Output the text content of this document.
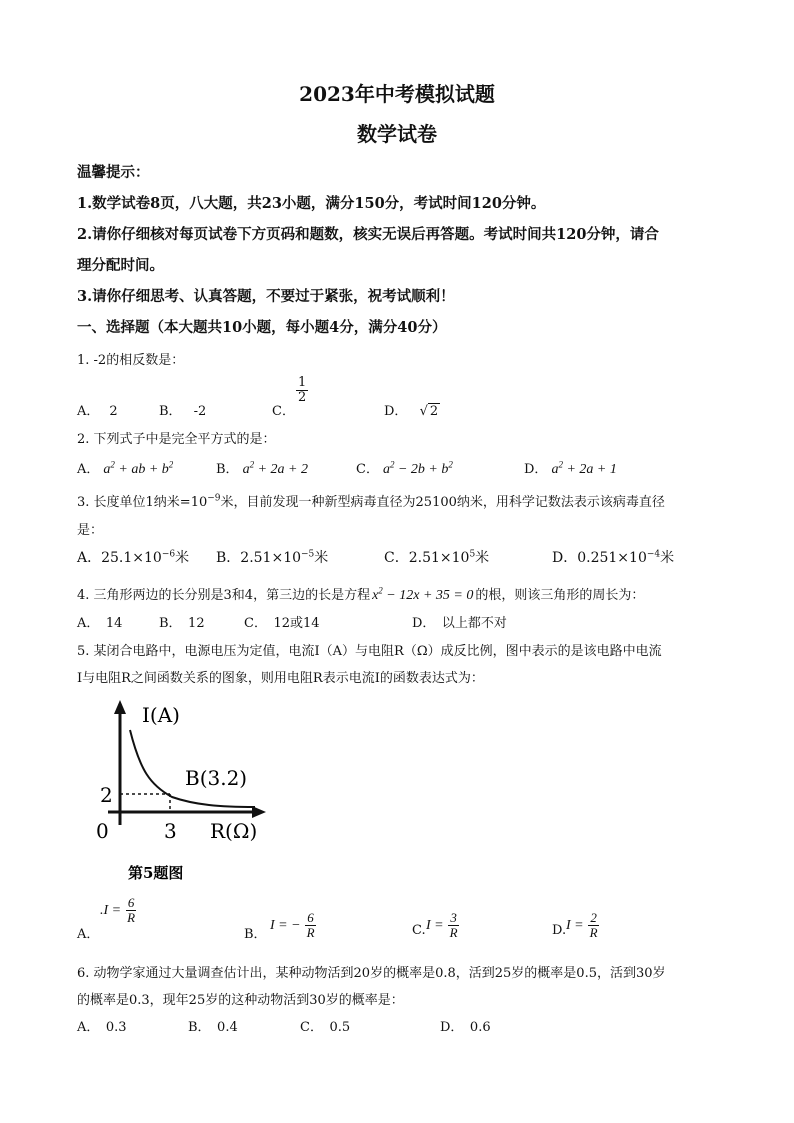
2023年中考模拟试题
数学试卷
温馨提示：
1.数学试卷8页，八大题，共23小题，满分150分，考试时间120分钟。
2.请你仔细核对每页试卷下方页码和题数，核实无误后再答题。考试时间共120分钟，请合
理分配时间。
3.请你仔细思考、认真答题，不要过于紧张，祝考试顺利！
一、选择题（本大题共10小题，每小题4分，满分40分）
1. -2的相反数是：
A． 2	B． -2	C．
$\frac{1}{2}$
D． √ 2
2. 下列式子中是完全平方式的是：
A． $a^2$ + ab + $b^2$	B． $a^2 + 2a + 2$	C． $a^2 - 2b + b^2$	D． $a^2 + 2a + 1$
3. 长度单位1纳米$=10^{-9}$米，目前发现一种新型病毒直径为25100纳米，用科学记数法表示该病毒直径
是：
A．$25.1\times 10^{-6}$米 B．$2.51\times 10^{-5}$米	C．$2.51\times 10^5$米	D．$0.251\times 10^{-4}$米
4. 三角形两边的长分别是3和4，第三边的长是方程 $x^2 - 12x + 35 = 0$ 的根，则该三角形的周长为：
A．　14	B．　12	C．　12或14	D．　以上都不对
5. 某闭合电路中，电源电压为定值，电流I（A）与电阻R（Ω）成反比例，图中表示的是该电路中电流
I与电阻R之间函数关系的图象，则用电阻R表示电流I的函数表达式为：
I(A)
B(3.2)
2
0	3 R(Ω)
第5题图
A．
$.I = \frac{6}{R}$
B．
I = − $\frac{6}{R}$	C. $I = \frac{3}{R}$	D. $I = \frac{2}{R}$
6. 动物学家通过大量调查估计出，某种动物活到20岁的概率是0.8，活到25岁的概率是0.5，活到30岁
的概率是0.3，现年25岁的这种动物活到30岁的概率是：
A．　0.3	B．　0.4	C．　0.5	D．　0.6
